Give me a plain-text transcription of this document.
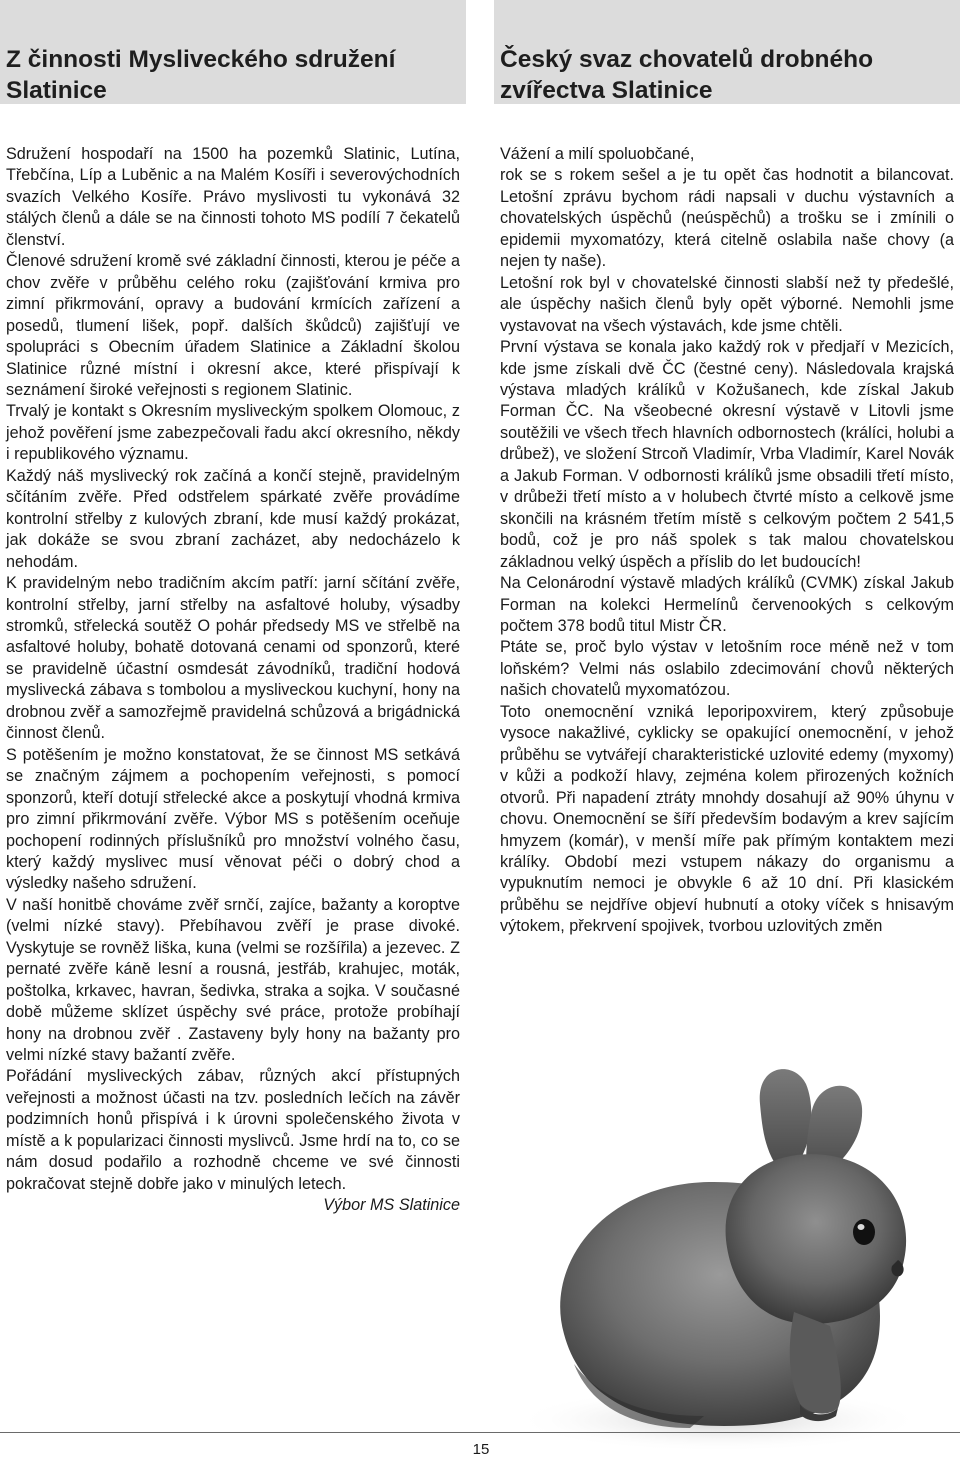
Z činnosti Mysliveckého sdružení Slatinice

Sdružení hospodaří na 1500 ha pozemků Slatinic, Lutína, Třebčína, Líp a Luběnic a na Malém Kosíři i severovýchodních svazích Velkého Kosíře. Právo myslivosti tu vykonává 32 stálých členů a dále se na činnosti tohoto MS podílí 7 čekatelů členství.

Členové sdružení kromě své základní činnosti, kterou je péče a chov zvěře v průběhu celého roku (zajišťování krmiva pro zimní přikrmování, opravy a budování krmících zařízení a posedů, tlumení lišek, popř. dalších škůdců) zajišťují ve spolupráci s Obecním úřadem Slatinice a Základní školou Slatinice různé místní i okresní akce, které přispívají k seznámení široké veřejnosti s regionem Slatinic.

Trvalý je kontakt s Okresním mysliveckým spolkem Olomouc, z jehož pověření jsme zabezpečovali řadu akcí okresního, někdy i republikového významu.

Každý náš myslivecký rok začíná a končí stejně, pravidelným sčítáním zvěře. Před odstřelem spárkaté zvěře provádíme kontrolní střelby z kulových zbraní, kde musí každý prokázat, jak dokáže se svou zbraní zacházet, aby nedocházelo k nehodám.

K pravidelným nebo tradičním akcím patří: jarní sčítání zvěře, kontrolní střelby, jarní střelby na asfaltové holuby, výsadby stromků, střelecká soutěž O pohár předsedy MS ve střelbě na asfaltové holuby, bohatě dotovaná cenami od sponzorů, které se pravidelně účastní osmdesát závodníků, tradiční hodová myslivecká zábava s tombolou a mysliveckou kuchyní, hony na drobnou zvěř a samozřejmě pravidelná schůzová a brigádnická činnost členů.

S potěšením je možno konstatovat, že se činnost MS setkává se značným zájmem a pochopením veřejnosti, s pomocí sponzorů, kteří dotují střelecké akce a poskytují vhodná krmiva pro zimní přikrmování zvěře. Výbor MS s potěšením oceňuje pochopení rodinných příslušníků pro množství volného času, který každý myslivec musí věnovat péči o dobrý chod a výsledky našeho sdružení.

V naší honitbě chováme zvěř srnčí, zajíce, bažanty a koroptve (velmi nízké stavy). Přebíhavou zvěří je prase divoké. Vyskytuje se rovněž liška, kuna (velmi se rozšířila) a jezevec. Z pernaté zvěře káně lesní a rousná, jestřáb, krahujec, moták, poštolka, krkavec, havran, šedivka, straka a sojka. V současné době můžeme sklízet úspěchy své práce, protože probíhají hony na drobnou zvěř . Zastaveny byly hony na bažanty pro velmi nízké stavy bažantí zvěře.

Pořádání mysliveckých zábav, různých akcí přístupných veřejnosti a možnost účasti na tzv. posledních lečích na závěr podzimních honů přispívá i k úrovni společenského života v místě a k popularizaci činnosti myslivců. Jsme hrdí na to, co se nám dosud podařilo a rozhodně chceme ve své činnosti pokračovat stejně dobře jako v minulých letech.

Výbor MS Slatinice

Český svaz chovatelů drobného zvířectva Slatinice

Vážení a milí spoluobčané,

rok se s rokem sešel a je tu opět čas hodnotit a bilancovat. Letošní zprávu bychom rádi napsali v duchu výstavních a chovatelských úspěchů (neúspěchů) a trošku se i zmínili o epidemii myxomatózy, která citelně oslabila naše chovy (a nejen ty naše).

Letošní rok byl v chovatelské činnosti slabší než ty předešlé, ale úspěchy našich členů byly opět výborné. Nemohli jsme vystavovat na všech výstavách, kde jsme chtěli.

První výstava se konala jako každý rok v předjaří v Mezicích, kde jsme získali dvě ČC (čestné ceny). Následovala krajská výstava mladých králíků v Kožušanech, kde získal Jakub Forman ČC. Na všeobecné okresní výstavě v Litovli jsme soutěžili ve všech třech hlavních odbornostech (králíci, holubi a drůbež), ve složení Strcoň Vladimír, Vrba Vladimír, Karel Novák a Jakub Forman. V odbornosti králíků jsme obsadili třetí místo, v drůbeži třetí místo a v holubech čtvrté místo a celkově jsme skončili na krásném třetím místě s celkovým počtem 2 541,5 bodů, což je pro náš spolek s tak malou chovatelskou základnou velký úspěch a příslib do let budoucích!

Na Celonárodní výstavě mladých králíků (CVMK) získal Jakub Forman na kolekci Hermelínů červenookých s celkovým počtem 378 bodů titul Mistr ČR.

Ptáte se, proč bylo výstav v letošním roce méně než v tom loňském? Velmi nás oslabilo zdecimování chovů některých našich chovatelů myxomatózou.

Toto onemocnění vzniká leporipoxvirem, který způsobuje vysoce nakažlivé, cyklicky se opakující onemocnění, v jehož průběhu se vytvářejí charakteristické uzlovité edemy (myxomy) v kůži a podkoží hlavy, zejména kolem přirozených kožních otvorů. Při napadení ztráty mnohdy dosahují až 90% úhynu v chovu. Onemocnění se šíří především bodavým a krev sajícím hmyzem (komár), v menší míře pak přímým kontaktem mezi králíky. Období mezi vstupem nákazy do organismu a vypuknutím nemoci je obvykle 6 až 10 dní. Při klasickém průběhu se nejdříve objeví hubnutí a otoky víček s hnisavým výtokem, překrvení spojivek, tvorbou uzlovitých změn

15
